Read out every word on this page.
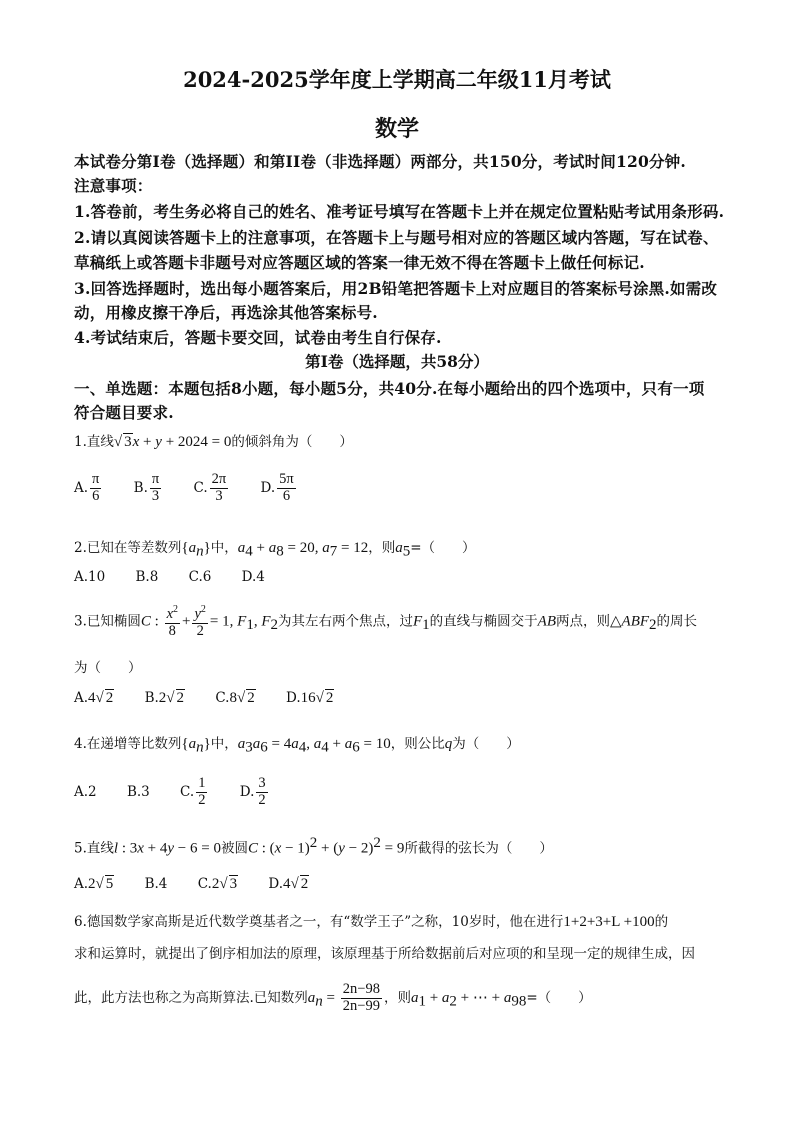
2024-2025学年度上学期高二年级11月考试
数学
本试卷分第I卷（选择题）和第II卷（非选择题）两部分，共150分，考试时间120分钟.
注意事项：
1.答卷前，考生务必将自己的姓名、准考证号填写在答题卡上并在规定位置粘贴考试用条形码.
2.请以真阅读答题卡上的注意事项，在答题卡上与题号相对应的答题区域内答题，写在试卷、
草稿纸上或答题卡非题号对应答题区域的答案一律无效不得在答题卡上做任何标记.
3.回答选择题时，选出每小题答案后，用2B铅笔把答题卡上对应题目的答案标号涂黑.如需改
动，用橡皮擦干净后，再选涂其他答案标号.
4.考试结束后，答题卡要交回，试卷由考生自行保存.
第I卷（选择题，共58分）
一、单选题：本题包括8小题，每小题5分，共40分.在每小题给出的四个选项中，只有一项
符合题目要求.
1.直线√ 3x + y + 2024 = 0的倾斜角为（　　）
A. $\frac{\pi}{6} B$. $\frac{\pi}{3} C$. $\frac{2\pi}{3} D$. $\frac{5\pi}{6}$
2.已知在等差数列$\{a_n\}$中，$a_4 + a_8 = 20$, $a_7 = 12$，则$a_5=$（　　）
A.10 B.8 C.6 D.4
3.已知椭圆C : $\frac{x^2}{8} + \frac{y^2}{2} = 1$, $F_1$, $F_2$为其左右两个焦点，过$F_1$的直线与椭圆交于AB两点，则$\triangle ABF_2$的周长
为（　　）
A.4√ 2 B.2√ 2 C.8√ 2 D.16√ 2
4.在递增等比数列$\{a_n\}$中，$a_3a_6 = 4a_4$, $a_4 + a_6 = 10$，则公比q为（　　）
A.2 B.3 C. $\frac{1}{2} D$. $\frac{3}{2}$
5.直线l : 3x + 4y − 6 = 0被圆C : $(x - 1)^2 + (y - 2)^2 = 9$所截得的弦长为（　　）
A.2√ 5 B.4 C.2√ 3 D.4√ 2
6.德国数学家高斯是近代数学奠基者之一，有“数学王子”之称，10岁时，他在进行1+2+3+L +100的
求和运算时，就提出了倒序相加法的原理，该原理基于所给数据前后对应项的和呈现一定的规律生成，因
此，此方法也称之为高斯算法.已知数列$a_n = \frac{2n-98}{2n-99}$ ，则$a_1 + a_2$ + ⋯ + $a_{98}=$（　　）
